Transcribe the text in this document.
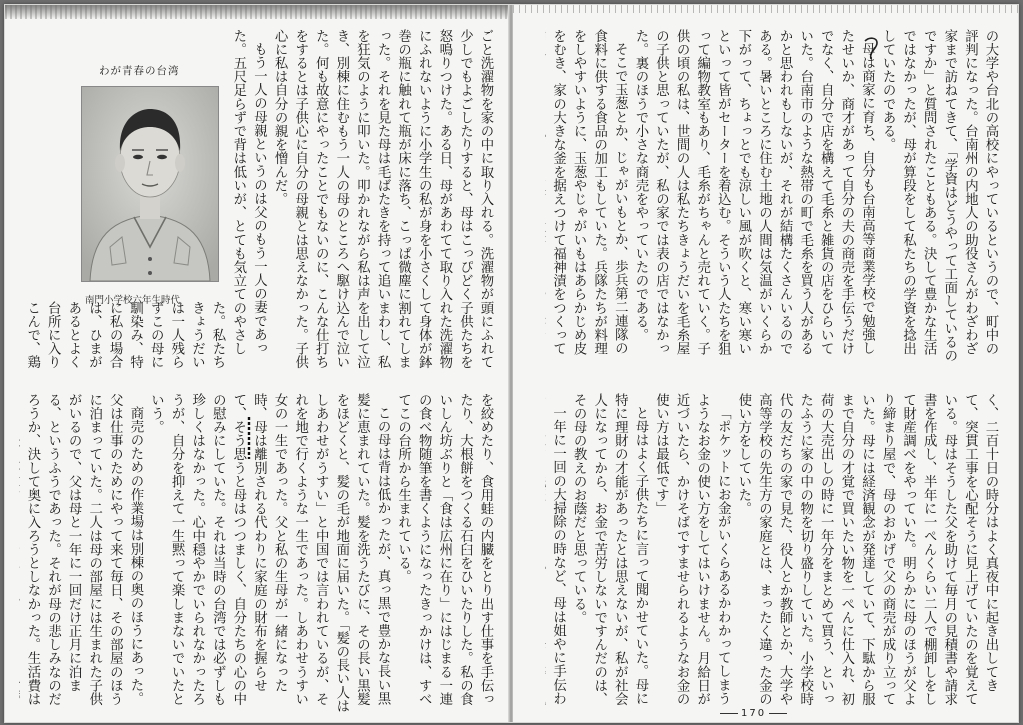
わが青春の台湾
南門小学校六年生時代	の大学や台北の高校にやっているというので、町中の評判になった。台南州の内地人の助役さんがわざわざ家まで訪ねてきて、「学資はどうやって工面しているのですか」と質問されたこともある。決して豊かな生活ではなかったが、母が算段をして私たちの学資を捻出していたのである。

母は商家に育ち、自分も台南高等商業学校で勉強したせいか、商才があって自分の夫の商売を手伝うだけでなく、自分で店を構えて毛糸と雑貨の店をひらいていた。台南市のような熱帯の町で毛糸を買う人があるかと思われもしないが、それが結構たくさんいるのである。暑いところに住む土地の人間は気温がいくらか下がって、ちょっとでも涼しい風が吹くと、寒い寒いといって皆がセーターを着込む。そういう人たちを狙って編物教室もあり、毛糸がちゃんと売れていく。子供の頃の私は、世間の人は私たちきょうだいを毛糸屋の子供と思っていたが、私の家では表の店ではなかった。裏のほうで小さな商売をやっていたのである。

そこで玉葱とか、じゃがいもとか、歩兵第二連隊の食料に供する食品の加工もしていた。兵隊たちが料理をしやすいように、玉葱やじゃがいもはあらかじめ皮をむき、家の大きな釜を据えつけて福神漬をつくって

く、二百十日の時分はよく真夜中に起き出してきて、突貫工事を心配そうに見上げていたのを覚えている。母はそうした父を助けて毎月の見積書や請求書を作成し、半年に一ぺんくらい二人で棚卸しをして財産調べをやっていた。明らかに母のほうが父より締まり屋で、母のおかげで父の商売が成り立っていた。母には経済観念が発達していて、下駄から服まで自分の才覚で買いたい物を一ぺんに仕入れ、初荷の大売出しの時に一年分をまとめて買う、といったふうに家の中の物を切り盛りしていた。小学校時代の友だちの家で見た、役人とか教師とか、大学や高等学校の先生方の家庭とは、まったく違った金の使い方をしていた。

「ポケットにお金がいくらあるかわかってしまうようなお金の使い方をしてはいけません。月給日が近づいたら、かけそばですませられるようなお金の使い方は最低です」

と母はよく子供たちに言って聞かせていた。母に特に理財の才能があったとは思えないが、私が社会人になってから、お金で苦労しないですんだのは、その母の教えのお蔭だと思っている。

一年に一回の大掃除の時など、母は姐やに手伝わ

ごと洗濯物を家の中に取り入れる。洗濯物が頭にふれて少しでもよごしたりすると、母はこっぴどく子供たちを怒鳴りつけた。ある日、母があわてて取り入れた洗濯物にふれないように小学生の私が身を小さくして身体が鉢巻の瓶に触れて瓶が床に落ち、こっぱ微塵に割れてしまった。それを見た母は毛ばたきを持って追いまわし、私を狂気のように叩いた。叩かれながら私は声を出して泣き、別棟に住むもう一人の母のところへ駆け込んで泣いた。何も故意にやったことでもないのに、こんな仕打ちをするとは子供心に自分の母親とは思えなかった。子供心に私は自分の親を憎んだ。

もう一人の母親というのは父のもう一人の妻であった。五尺足らずで背は低いが、とても気立てのやさし

た。私たちきょうだいは一人残らずこの母に馴染み、特に私の場合は、ひまがあるとよく台所に入りこんで、鶏

を絞めたり、食用蛙の内臓をとり出す仕事を手伝ったり、大根餅をつくる石臼をひいたりした。私の食いしん坊ぶりと「食は広州に在り」にはじまる一連の食べ物随筆を書くようになったきっかけは、すべてこの台所から生まれている。

この母は背は低かったが、真っ黒で豊かな長い黒髪に恵まれていた。髪を洗うたびに、その長い黒髪をほどくと、髪の毛が地面に届いた。「髪の長い人はしあわせがうすい」と中国では言われているが、それを地で行くような一生であった。しあわせうすい女の一生であった。父と私の生母が一緒になった時、母は離別される代わりに家庭の財布を握らせて、そう思うと母はつつましく、自分たちの心の中の慰みにしていた。それは当時の台湾では必ずしも珍しくはなかった。心中穏やかでいられなかったろうが、自分を抑えて一生黙って楽しまないでいたという。

商売のための作業場は別棟の奥のほうにあった。父は仕事のためにやって来て毎日、その部屋のほうに泊まっていた。二人は母の部屋には生まれた子供がいるので、父は母と一年に一回だけ正月に泊まる、というふうであった。それが母の悲しみなのだろうか、決して奥に入ろうとしなかった。生活費は

170
